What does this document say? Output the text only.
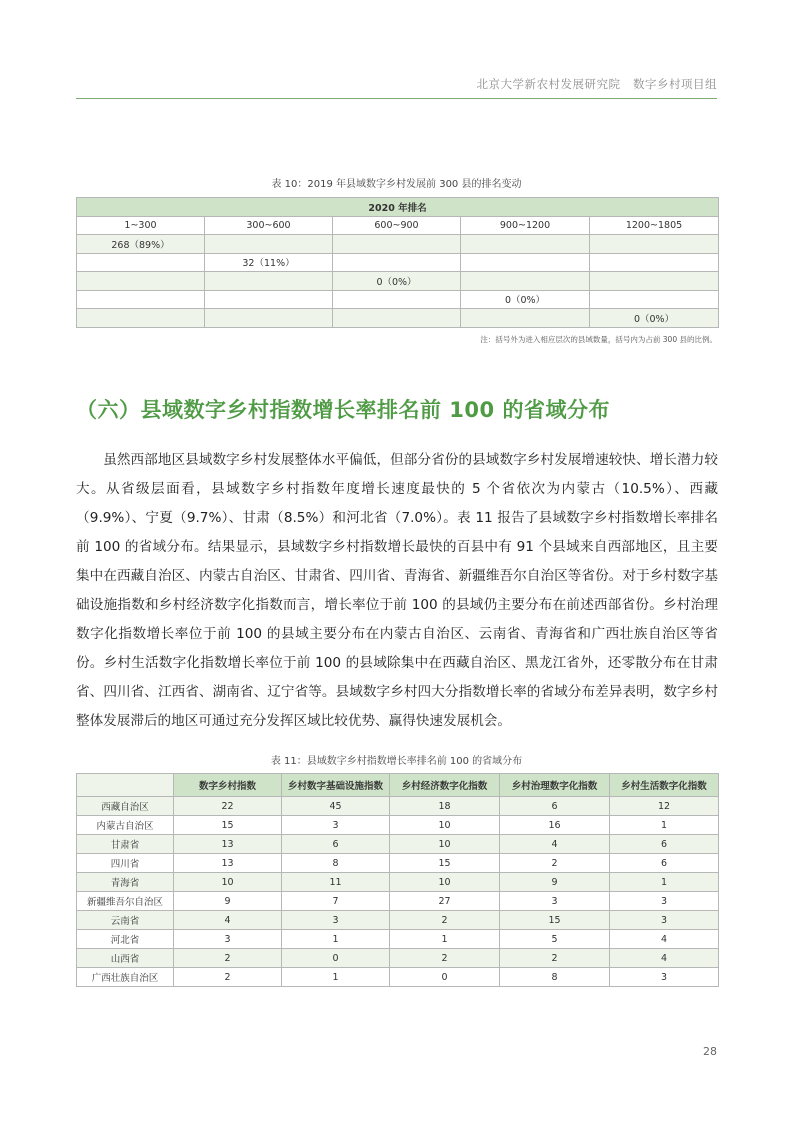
北京大学新农村发展研究院 数字乡村项目组
表 10：2019 年县域数字乡村发展前 300 县的排名变动
2020 年排名				
1~300	300~600	600~900	900~1200	1200~1805
268（89%）				
	32（11%）			
		0（0%）		
			0（0%）	
				0（0%）
注：括号外为进入相应层次的县域数量，括号内为占前 300 县的比例。
（六）县域数字乡村指数增长率排名前 100 的省域分布

虽然西部地区县域数字乡村发展整体水平偏低，但部分省份的县域数字乡村发展增速较快、增长潜力较大。从省级层面看，县域数字乡村指数年度增长速度最快的 5 个省依次为内蒙古（10.5%）、西藏（9.9%）、宁夏（9.7%）、甘肃（8.5%）和河北省（7.0%）。表 11 报告了县域数字乡村指数增长率排名前 100 的省域分布。结果显示，县域数字乡村指数增长最快的百县中有 91 个县域来自西部地区，且主要集中在西藏自治区、内蒙古自治区、甘肃省、四川省、青海省、新疆维吾尔自治区等省份。对于乡村数字基础设施指数和乡村经济数字化指数而言，增长率位于前 100 的县域仍主要分布在前述西部省份。乡村治理数字化指数增长率位于前 100 的县域主要分布在内蒙古自治区、云南省、青海省和广西壮族自治区等省份。乡村生活数字化指数增长率位于前 100 的县域除集中在西藏自治区、黑龙江省外，还零散分布在甘肃省、四川省、江西省、湖南省、辽宁省等。县域数字乡村四大分指数增长率的省域分布差异表明，数字乡村整体发展滞后的地区可通过充分发挥区域比较优势、赢得快速发展机会。

表 11：县域数字乡村指数增长率排名前 100 的省域分布
	数字乡村指数	乡村数字基础设施指数	乡村经济数字化指数	乡村治理数字化指数	乡村生活数字化指数
西藏自治区	22	45	18	6	12
内蒙古自治区	15	3	10	16	1
甘肃省	13	6	10	4	6
四川省	13	8	15	2	6
青海省	10	11	10	9	1
新疆维吾尔自治区	9	7	27	3	3
云南省	4	3	2	15	3
河北省	3	1	1	5	4
山西省	2	0	2	2	4
广西壮族自治区	2	1	0	8	3
28
